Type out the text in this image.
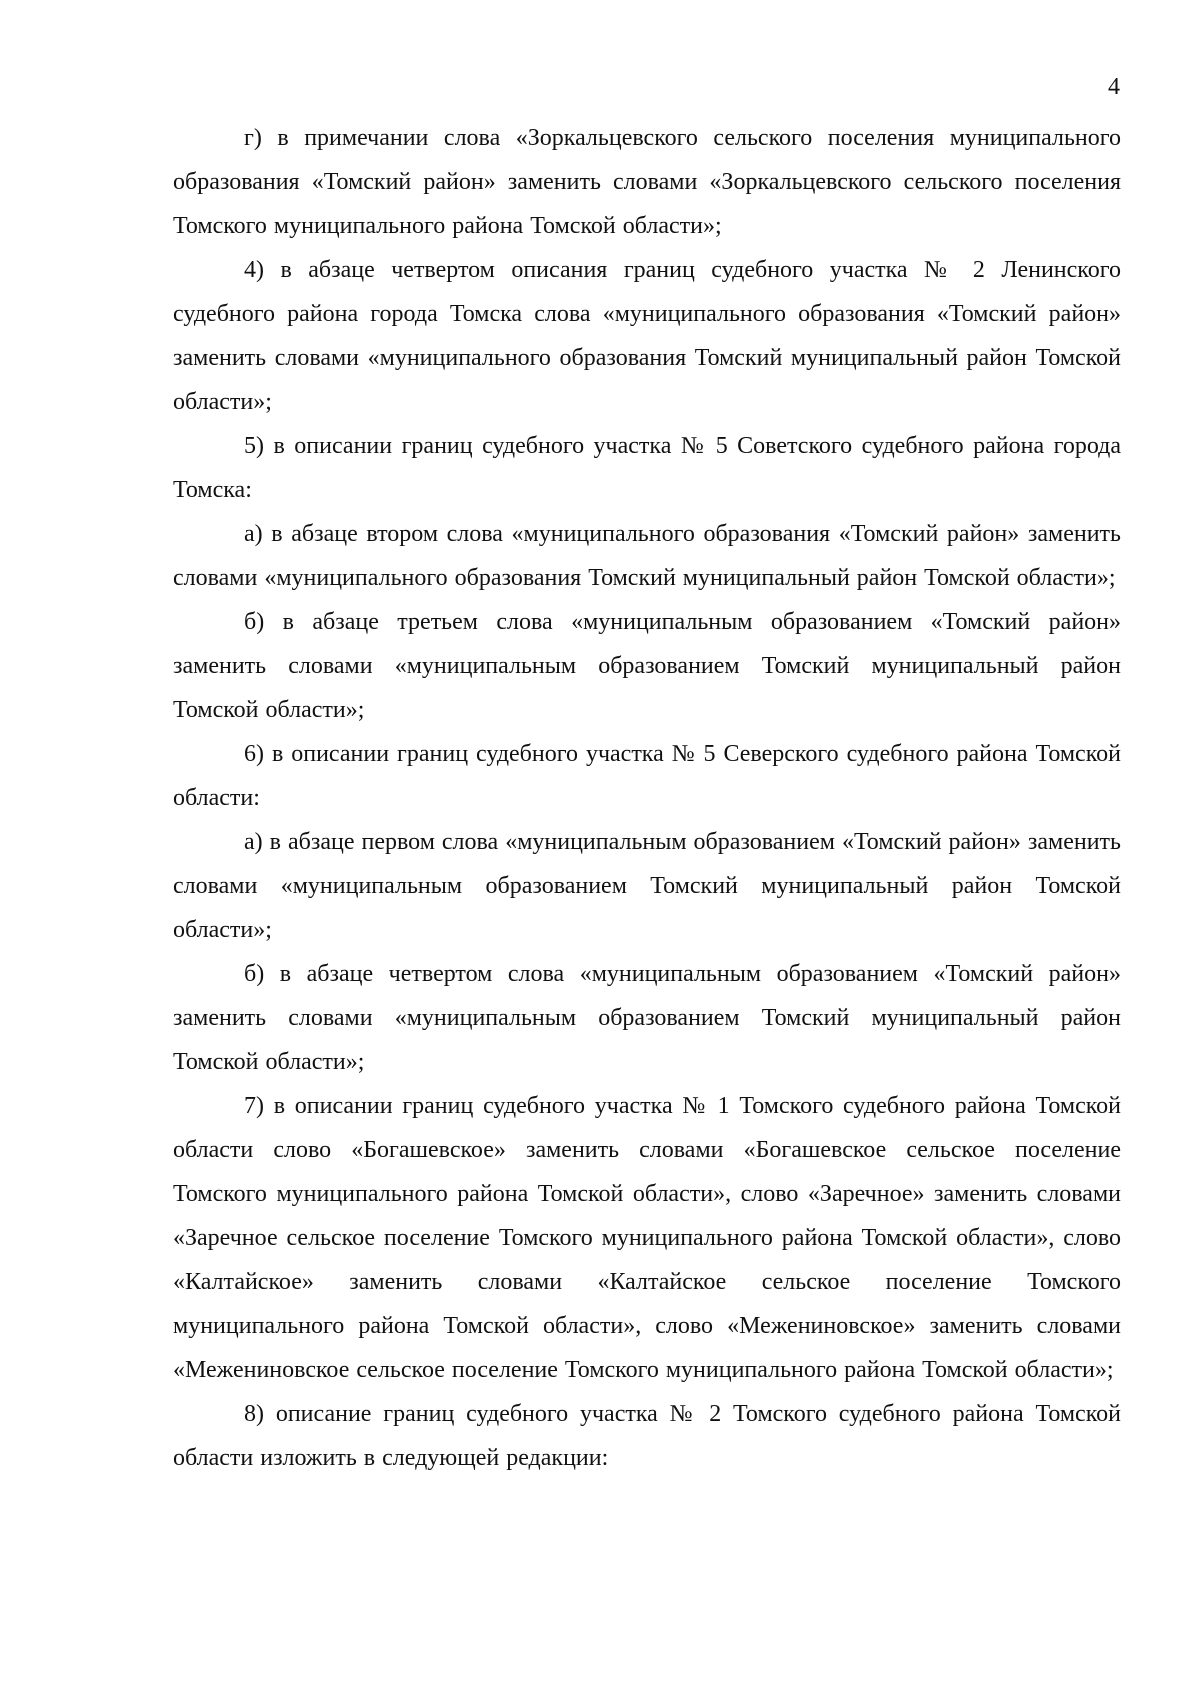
4

г) в примечании слова «Зоркальцевского сельского поселения муниципального образования «Томский район» заменить словами «Зоркальцевского сельского поселения Томского муниципального района Томской области»;

4) в абзаце четвертом описания границ судебного участка № 2 Ленинского судебного района города Томска слова «муниципального образования «Томский район» заменить словами «муниципального образования Томский муниципальный район Томской области»;

5) в описании границ судебного участка № 5 Советского судебного района города Томска:

а) в абзаце втором слова «муниципального образования «Томский район» заменить словами «муниципального образования Томский муниципальный район Томской области»;

б) в абзаце третьем слова «муниципальным образованием «Томский район» заменить словами «муниципальным образованием Томский муниципальный район Томской области»;

6) в описании границ судебного участка № 5 Северского судебного района Томской области:

а) в абзаце первом слова «муниципальным образованием «Томский район» заменить словами «муниципальным образованием Томский муниципальный район Томской области»;

б) в абзаце четвертом слова «муниципальным образованием «Томский район» заменить словами «муниципальным образованием Томский муниципальный район Томской области»;

7) в описании границ судебного участка № 1 Томского судебного района Томской области слово «Богашевское» заменить словами «Богашевское сельское поселение Томского муниципального района Томской области», слово «Заречное» заменить словами «Заречное сельское поселение Томского муниципального района Томской области», слово «Калтайское» заменить словами «Калтайское сельское поселение Томского муниципального района Томской области», слово «Межениновское» заменить словами «Межениновское сельское поселение Томского муниципального района Томской области»;

8) описание границ судебного участка № 2 Томского судебного района Томской области изложить в следующей редакции:
